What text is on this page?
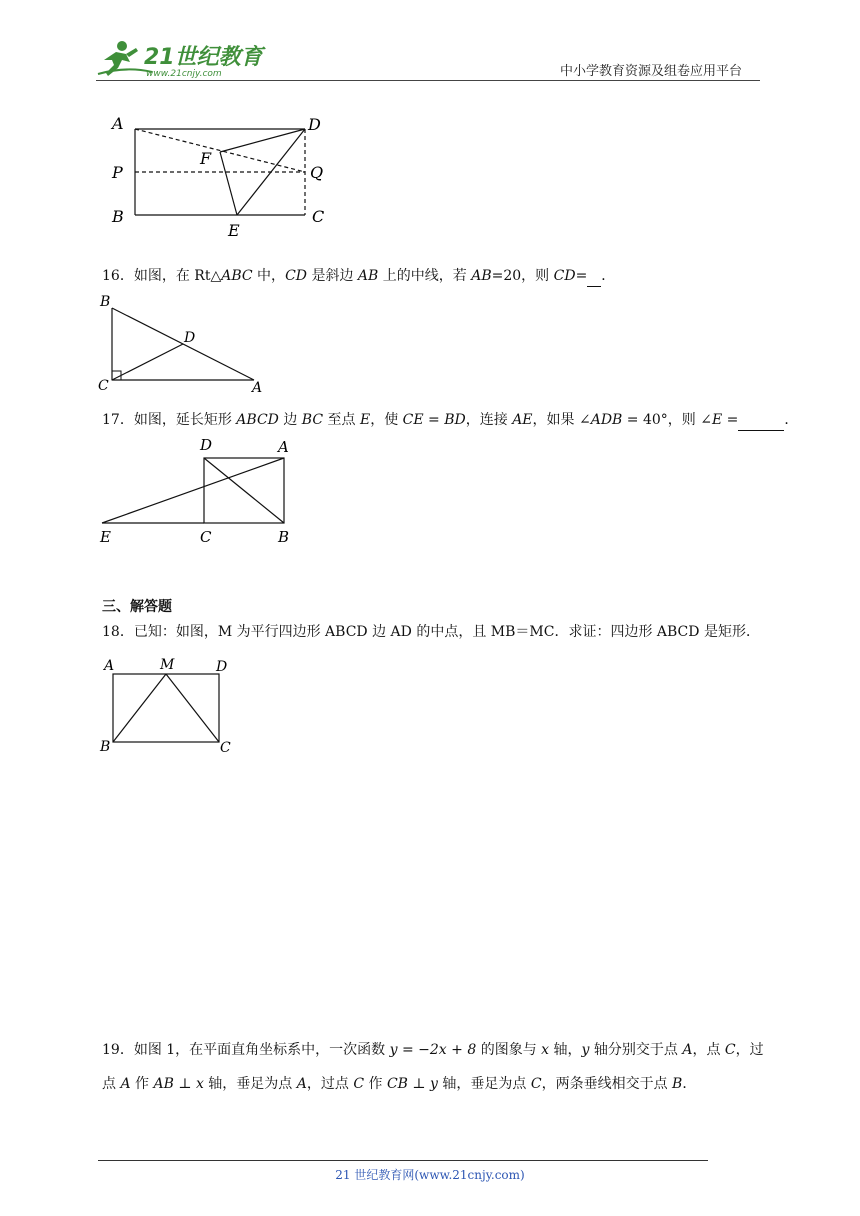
21世纪教育
www.21cnjy.com	中小学教育资源及组卷应用平台
A	D
F
P	Q
B	C
E
16．如图，在 Rt△ABC 中，CD 是斜边 AB 上的中线，若 AB=20，则 CD= ．
B
D
C	A
17．如图，延长矩形 ABCD 边 BC 至点 E，使 CE = BD，连接 AE，如果 ∠ADB = 40°，则 ∠E =	．
D	A
E	C	B
三、解答题
18．已知：如图，M 为平行四边形 ABCD 边 AD 的中点，且 MB＝MC．求证：四边形 ABCD 是矩形．
A	M	D
B	C
19．如图 1，在平面直角坐标系中，一次函数 y = −2x + 8 的图象与 x 轴，y 轴分别交于点 A，点 C，过
点 A 作 AB ⊥ x 轴，垂足为点 A，过点 C 作 CB ⊥ y 轴，垂足为点 C，两条垂线相交于点 B．
21 世纪教育网(www.21cnjy.com)
